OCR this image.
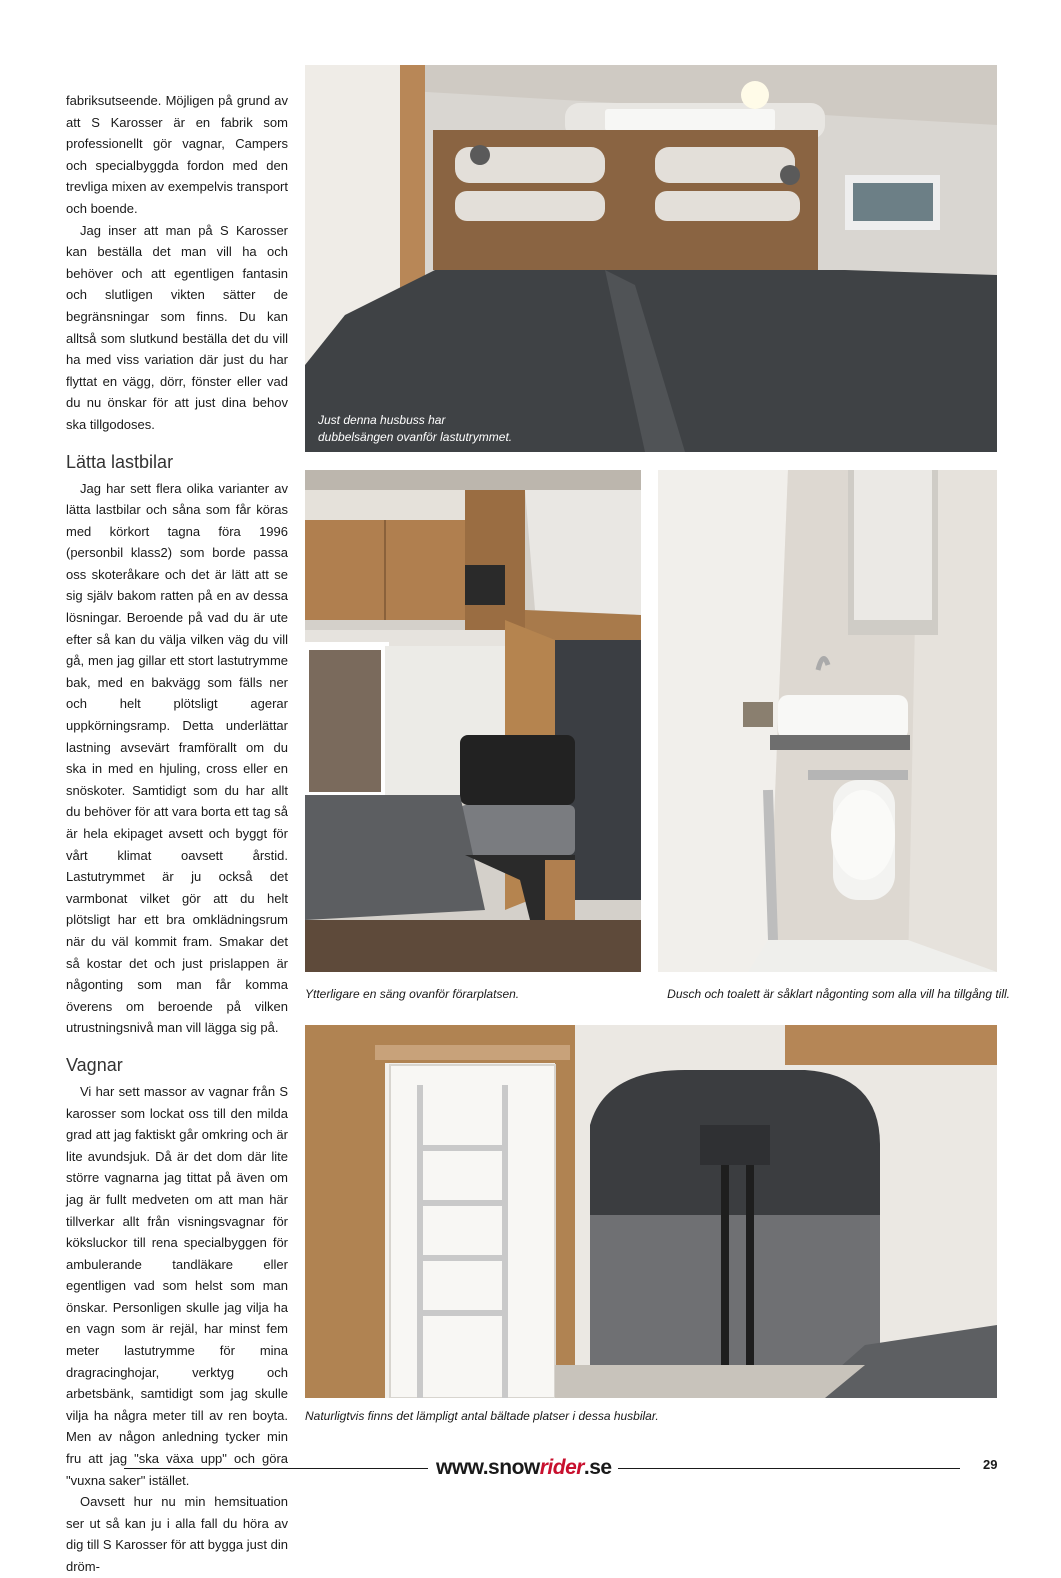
fabriksutseende. Möjligen på grund av att S Karosser är en fabrik som professionellt gör vagnar, Campers och specialbyggda fordon med den trevliga mixen av exempelvis transport och boende.

Jag inser att man på S Karosser kan beställa det man vill ha och behöver och att egentligen fantasin och slutligen vikten sätter de begränsningar som finns. Du kan alltså som slutkund beställa det du vill ha med viss variation där just du har flyttat en vägg, dörr, fönster eller vad du nu önskar för att just dina behov ska tillgodoses.

Lätta lastbilar

Jag har sett flera olika varianter av lätta lastbilar och såna som får köras med körkort tagna föra 1996 (personbil klass2) som borde passa oss skoteråkare och det är lätt att se sig själv bakom ratten på en av dessa lösningar. Beroende på vad du är ute efter så kan du välja vilken väg du vill gå, men jag gillar ett stort lastutrymme bak, med en bakvägg som fälls ner och helt plötsligt agerar uppkörningsramp. Detta underlättar lastning avsevärt framförallt om du ska in med en hjuling, cross eller en snöskoter. Samtidigt som du har allt du behöver för att vara borta ett tag så är hela ekipaget avsett och byggt för vårt klimat oavsett årstid. Lastutrymmet är ju också det varmbonat vilket gör att du helt plötsligt har ett bra omklädningsrum när du väl kommit fram. Smakar det så kostar det och just prislappen är någonting som man får komma överens om beroende på vilken utrustningsnivå man vill lägga sig på.

Vagnar

Vi har sett massor av vagnar från S karosser som lockat oss till den milda grad att jag faktiskt går omkring och är lite avundsjuk. Då är det dom där lite större vagnarna jag tittat på även om jag är fullt medveten om att man här tillverkar allt från visningsvagnar för köksluckor till rena specialbyggen för ambulerande tandläkare eller egentligen vad som helst som man önskar. Personligen skulle jag vilja ha en vagn som är rejäl, har minst fem meter lastutrymme för mina dragracinghojar, verktyg och arbetsbänk, samtidigt som jag skulle vilja ha några meter till av ren boyta. Men av någon anledning tycker min fru att jag "ska växa upp" och göra "vuxna saker" istället.

Oavsett hur nu min hemsituation ser ut så kan ju i alla fall du höra av dig till S Karosser för att bygga just din dröm-

Just denna husbuss har dubbelsängen ovanför lastutrymmet.
Ytterligare en säng ovanför förarplatsen.	Dusch och toalett är såklart någonting som alla vill ha tillgång till.
Naturligtvis finns det lämpligt antal bältade platser i dessa husbilar.
www.snowrider.se	29
